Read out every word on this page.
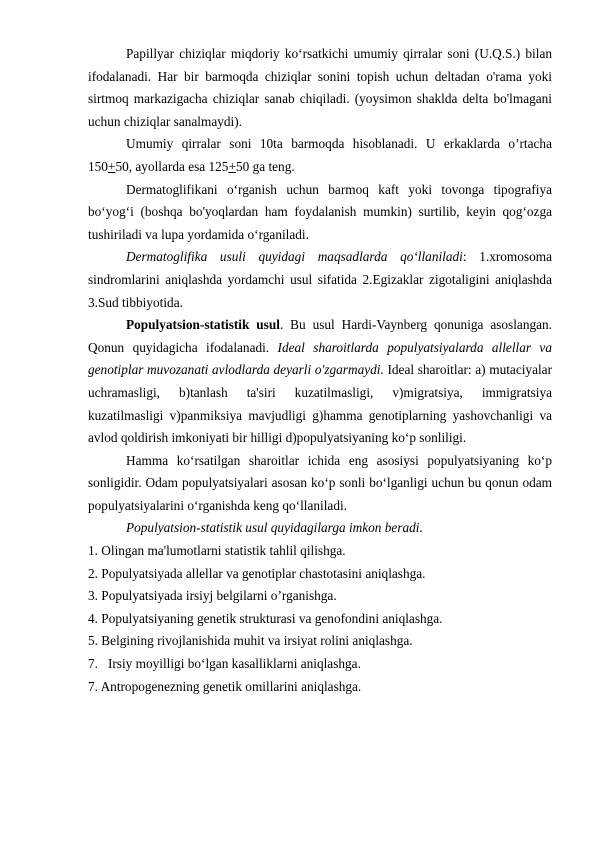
Papillyar chiziqlar miqdoriy ko‘rsatkichi umumiy qirralar soni (U.Q.S.) bilan ifodalanadi. Har bir barmoqda chiziqlar sonini topish uchun deltadan o'rama yoki sirtmoq markazigacha chiziqlar sanab chiqiladi. (yoysimon shaklda delta bo'lmagani uchun chiziqlar sanalmaydi).

Umumiy qirralar soni 10ta barmoqda hisoblanadi. U erkaklarda o’rtacha 150+50, ayollarda esa 125+50 ga teng.

Dermatoglifikani o‘rganish uchun barmoq kaft yoki tovonga tipografiya bo‘yog‘i (boshqa bo'yoqlardan ham foydalanish mumkin) surtilib, keyin qog‘ozga tushiriladi va lupa yordamida o‘rganiladi.

Dermatoglifika usuli quyidagi maqsadlarda qo‘llaniladi: 1.xromosoma sindromlarini aniqlashda yordamchi usul sifatida 2.Egizaklar zigotaligini aniqlashda 3.Sud tibbiyotida.

Populyatsion-statistik usul. Bu usul Hardi-Vaynberg qonuniga asoslangan. Qonun quyidagicha ifodalanadi. Ideal sharoitlarda populyatsiyalarda allellar va genotiplar muvozanati avlodlarda deyarli o'zgarmaydi. Ideal sharoitlar: a) mutaciyalar uchramasligi, b)tanlash ta'siri kuzatilmasligi, v)migratsiya, immigratsiya kuzatilmasligi v)panmiksiya mavjudligi g)hamma genotiplarning yashovchanligi va avlod qoldirish imkoniyati bir hilligi d)populyatsiyaning ko‘p sonliligi.

Hamma ko‘rsatilgan sharoitlar ichida eng asosiysi populyatsiyaning ko‘p sonligidir. Odam populyatsiyalari asosan ko‘p sonli bo‘lganligi uchun bu qonun odam populyatsiyalarini o‘rganishda keng qo‘llaniladi.

Populyatsion-statistik usul quyidagilarga imkon beradi.

1. Olingan ma'lumotlarni statistik tahlil qilishga.

2. Populyatsiyada allellar va genotiplar chastotasini aniqlashga.

3. Populyatsiyada irsiyj belgilarni o’rganishga.

4. Populyatsiyaning genetik strukturasi va genofondini aniqlashga.

5. Belgining rivojlanishida muhit va irsiyat rolini aniqlashga.

7.   Irsiy moyilligi bo‘lgan kasalliklarni aniqlashga.

7. Antropogenezning genetik omillarini aniqlashga.
